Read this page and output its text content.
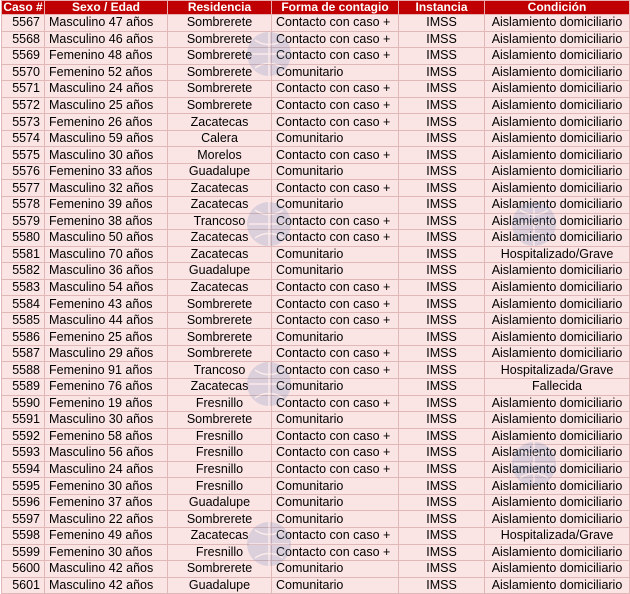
Caso #	Sexo / Edad	Residencia	Forma de contagio	Instancia	Condición
5567	Masculino 47 años	Sombrerete	Contacto con caso +	IMSS	Aislamiento domiciliario
5568	Masculino 46 años	Sombrerete	Contacto con caso +	IMSS	Aislamiento domiciliario
5569	Femenino 48 años	Sombrerete	Contacto con caso +	IMSS	Aislamiento domiciliario
5570	Femenino 52 años	Sombrerete	Comunitario	IMSS	Aislamiento domiciliario
5571	Masculino 24 años	Sombrerete	Contacto con caso +	IMSS	Aislamiento domiciliario
5572	Masculino 25 años	Sombrerete	Contacto con caso +	IMSS	Aislamiento domiciliario
5573	Femenino 26 años	Zacatecas	Contacto con caso +	IMSS	Aislamiento domiciliario
5574	Masculino 59 años	Calera	Comunitario	IMSS	Aislamiento domiciliario
5575	Masculino 30 años	Morelos	Contacto con caso +	IMSS	Aislamiento domiciliario
5576	Femenino 33 años	Guadalupe	Comunitario	IMSS	Aislamiento domiciliario
5577	Masculino 32 años	Zacatecas	Contacto con caso +	IMSS	Aislamiento domiciliario
5578	Femenino 39 años	Zacatecas	Comunitario	IMSS	Aislamiento domiciliario
5579	Femenino 38 años	Trancoso	Contacto con caso +	IMSS	Aislamiento domiciliario
5580	Masculino 50 años	Zacatecas	Contacto con caso +	IMSS	Aislamiento domiciliario
5581	Masculino 70 años	Zacatecas	Comunitario	IMSS	Hospitalizado/Grave
5582	Masculino 36 años	Guadalupe	Comunitario	IMSS	Aislamiento domiciliario
5583	Masculino 54 años	Zacatecas	Contacto con caso +	IMSS	Aislamiento domiciliario
5584	Femenino 43 años	Sombrerete	Contacto con caso +	IMSS	Aislamiento domiciliario
5585	Masculino 44 años	Sombrerete	Contacto con caso +	IMSS	Aislamiento domiciliario
5586	Femenino 25 años	Sombrerete	Comunitario	IMSS	Aislamiento domiciliario
5587	Masculino 29 años	Sombrerete	Contacto con caso +	IMSS	Aislamiento domiciliario
5588	Femenino 91 años	Trancoso	Contacto con caso +	IMSS	Hospitalizada/Grave
5589	Femenino 76 años	Zacatecas	Comunitario	IMSS	Fallecida
5590	Femenino 19 años	Fresnillo	Contacto con caso +	IMSS	Aislamiento domiciliario
5591	Masculino 30 años	Sombrerete	Comunitario	IMSS	Aislamiento domiciliario
5592	Femenino 58 años	Fresnillo	Contacto con caso +	IMSS	Aislamiento domiciliario
5593	Masculino 56 años	Fresnillo	Contacto con caso +	IMSS	Aislamiento domiciliario
5594	Masculino 24 años	Fresnillo	Contacto con caso +	IMSS	Aislamiento domiciliario
5595	Femenino 30 años	Fresnillo	Comunitario	IMSS	Aislamiento domiciliario
5596	Femenino 37 años	Guadalupe	Comunitario	IMSS	Aislamiento domiciliario
5597	Masculino 22 años	Sombrerete	Comunitario	IMSS	Aislamiento domiciliario
5598	Femenino 49 años	Zacatecas	Contacto con caso +	IMSS	Hospitalizada/Grave
5599	Femenino 30 años	Fresnillo	Contacto con caso +	IMSS	Aislamiento domiciliario
5600	Masculino 42 años	Sombrerete	Comunitario	IMSS	Aislamiento domiciliario
5601	Masculino 42 años	Guadalupe	Comunitario	IMSS	Aislamiento domiciliario
